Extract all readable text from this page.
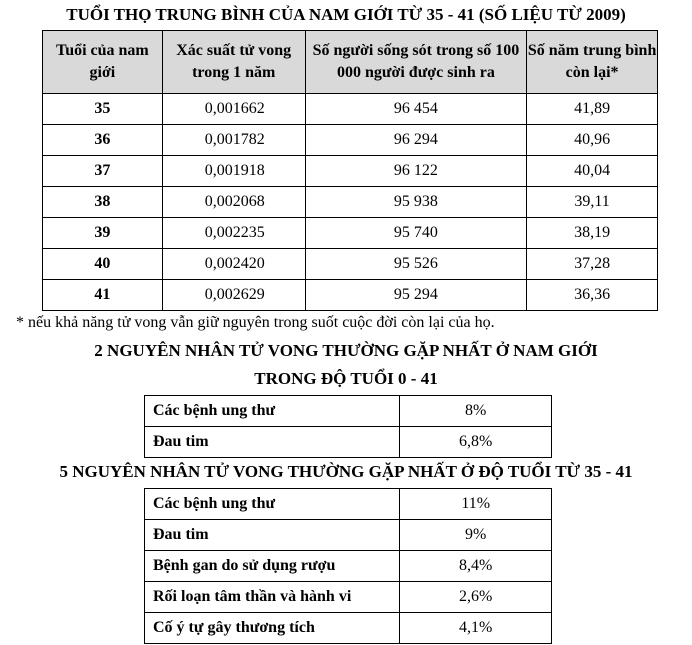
TUỔI THỌ TRUNG BÌNH CỦA NAM GIỚI TỪ 35 - 41 (SỐ LIỆU TỪ 2009)
Tuổi của nam giới	Xác suất tử vong trong 1 năm	Số người sống sót trong số 100 000 người được sinh ra	Số năm trung bình còn lại*
35	0,001662	96 454	41,89
36	0,001782	96 294	40,96
37	0,001918	96 122	40,04
38	0,002068	95 938	39,11
39	0,002235	95 740	38,19
40	0,002420	95 526	37,28
41	0,002629	95 294	36,36
* nếu khả năng tử vong vẫn giữ nguyên trong suốt cuộc đời còn lại của họ.
2 NGUYÊN NHÂN TỬ VONG THƯỜNG GẶP NHẤT Ở NAM GIỚI
TRONG ĐỘ TUỔI 0 - 41
Các bệnh ung thư	8%
Đau tim	6,8%
5 NGUYÊN NHÂN TỬ VONG THƯỜNG GẶP NHẤT Ở ĐỘ TUỔI TỪ 35 - 41
Các bệnh ung thư	11%
Đau tim	9%
Bệnh gan do sử dụng rượu	8,4%
Rối loạn tâm thần và hành vi	2,6%
Cố ý tự gây thương tích	4,1%
